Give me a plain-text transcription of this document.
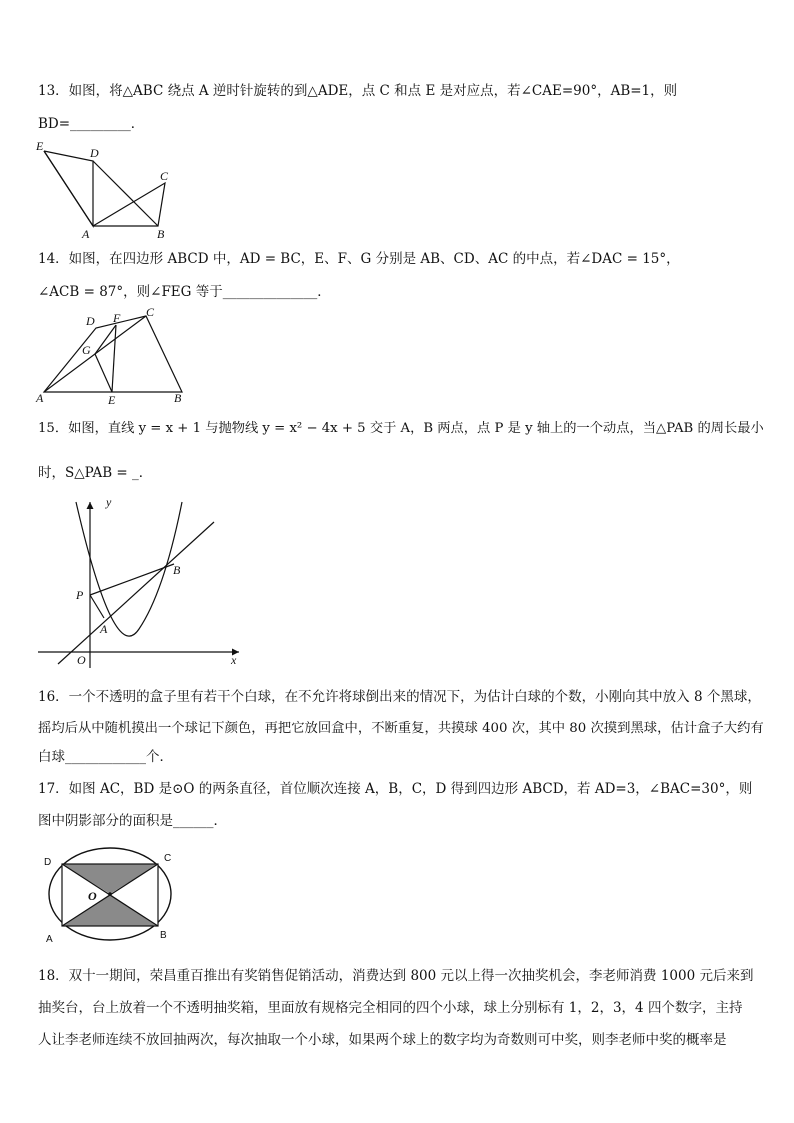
13．如图，将△ABC 绕点 A 逆时针旋转的到△ADE，点 C 和点 E 是对应点，若∠CAE=90°，AB=1，则
BD=_________．
E	D
C
A	B
14．如图，在四边形 ABCD 中，AD = BC，E、F、G 分别是 AB、CD、AC 的中点，若∠DAC = 15°，
∠ACB = 87°，则∠FEG 等于______________．
D F C
G
A	E	B
15．如图，直线 y = x + 1 与抛物线 y = x² − 4x + 5 交于 A，B 两点，点 P 是 y 轴上的一个动点，当△PAB 的周长最小
时，S△PAB = _．
y
x
O
P
A
B
16．一个不透明的盒子里有若干个白球，在不允许将球倒出来的情况下，为估计白球的个数，小刚向其中放入 8 个黑球，
摇均后从中随机摸出一个球记下颜色，再把它放回盒中，不断重复，共摸球 400 次，其中 80 次摸到黑球，估计盒子大约有
白球____________个．
17．如图 AC，BD 是⊙O 的两条直径，首位顺次连接 A，B，C，D 得到四边形 ABCD，若 AD=3，∠BAC=30°，则
图中阴影部分的面积是______．
D	C
O
A	B
18．双十一期间，荣昌重百推出有奖销售促销活动，消费达到 800 元以上得一次抽奖机会，李老师消费 1000 元后来到
抽奖台，台上放着一个不透明抽奖箱，里面放有规格完全相同的四个小球，球上分别标有 1，2，3，4 四个数字，主持
人让李老师连续不放回抽两次，每次抽取一个小球，如果两个球上的数字均为奇数则可中奖，则李老师中奖的概率是
